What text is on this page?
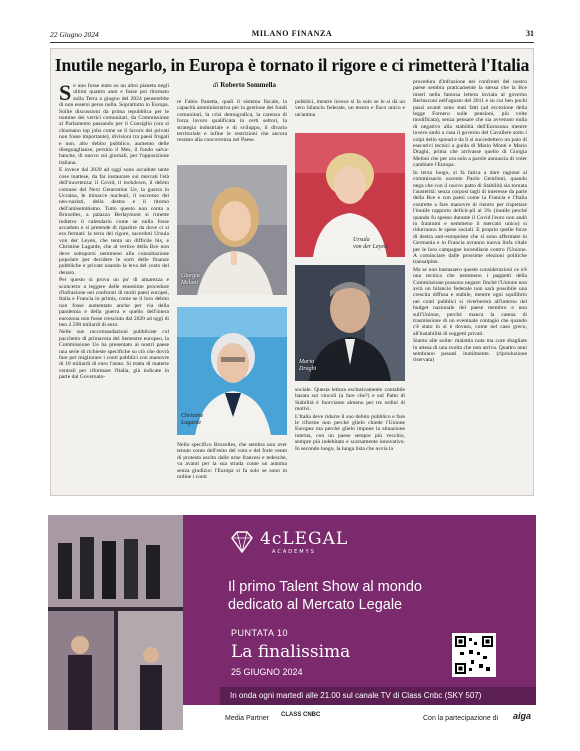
22 Giugno 2024	MILANO FINANZA	31
Inutile negarlo, in Europa è tornato il rigore e ci rimetterà l'Italia
di Roberto Sommella

Se uno fosse stato su un altro pianeta negli ultimi quattro anni e fosse poi ritornato sulla Terra a giugno del 2024 penserebbe di non essersi perso nulla. Soprattutto in Europa. Solite discussioni da prima repubblica per le nomine dei vertici comunitari, da Commissione al Parlamento passando per il Consiglio (ora si chiamano top jobs come se il lavoro dei privati non fosse importante), divisioni tra paesi frugali e non, alto debito pubblico, aumento delle diseguaglianze, persino il Mes, il fondo salva-banche, di nuovo sui giornali, per l'opposizione italiana.

E invece dal 2020 ad oggi sono accadute tante cose inattese, da far instaurare sui mercati l'età dell'incertezza: il Covid, il lockdown, il debito comune del Next Generation Ue, la guerra in Ucraina, le minacce nucleari, il successo dei neo-nazisti, della destra e il ritorno dell'antisemitismo. Tutto questo non conta a Bruxelles, a palazzo Berlaymont si rimette indietro il calendario come se nulla fosse accaduto e si pretende di ripartire da dove ci si era fermati: la terra del rigore, sacerdoti Ursula von der Leyen, che tenta un difficile bis, e Christine Lagarde, che al vertice della Bce non deve sottoporsi nemmeno alla consultazione popolare per decidere le sorti delle finanze pubbliche e private usando la leva del costo del denaro.

Per questo si prova un po' di amarezza e sconcerto a leggere delle ennesime procedure d'infrazione nei confronti di molti paesi europei, Italia e Francia in primis, come se il loro debito non fosse aumentato anche per via della pandemia e della guerra e quello dell'intera eurozona non fosse cresciuto dal 2020 ad oggi di ben 2.598 miliardi di euro.

Nelle sue raccomandazioni pubblicate col pacchetto di primavera del Semestre europeo, la Commissione Ue ha presentato ai nostri paese una serie di richieste specifiche su ciò che dovrà fare per migliorare i conti pubblici con manovre di 10 miliardi di euro l'anno. Si tratta di materie centrali per riformare l'Italia, già indicate in parte dal Governato-

re Fabio Panetta, quali il sistema fiscale, la capacità amministrativa per la gestione dei fondi comunitari, la crisi demografica, la carenza di forza lavoro qualificata in certi settori, la strategia industriale e di sviluppo, il divario territoriale e infine le restrizioni che ancora restano alla concorrenza nel Paese.

Giorgia
Meloni
Christine
Lagarde

Nello specifico Bruxelles, che sembra non aver tenuto conto dell'esito del voto e del forte vento di protesta uscito dalle urne francesi e tedesche, va avanti per la sua strada come un automa senza giudizio: l'Europa si fa solo se sono in ordine i conti

pubblici, mentre invece si fa solo se le si dà un vero bilancio federale, un tesoro e fisco unico e un'anima

Ursula
von der Leyen
Mario
Draghi

sociale. Questa lettura esclusivamente contabile basata sui vincoli (a fare che?) e sul Patto di Stabilità è fuorviante almeno per tre ordini di motivi.

L'Italia deve ridurre il suo debito pubblico e fare le riforme non perché glielo chiede l'Unione Europea ma perché glielo impone la situazione interna, con un paese sempre più vecchio, sempre più indebitato e scarsamente innovativo. In secondo luogo, la lunga lista che avvia la

procedura d'infrazione nei confronti del nostro paese sembra praticamente la stessa che la Bce inserì nella famosa lettera inviata al governo Berlusconi nell'agosto del 2011 e su cui ben pochi passi avanti sono stati fatti (ad eccezione della legge Fornero sulle pensioni, più volte modificata), senza pensare che sia avvenuto nulla di negativo alla stabilità dell'Eurozona mentre invece andò a casa il governo del Cavaliere sotto i colpi dello spread e da lì si succedettero un paio di esecutivi tecnici a guida di Mario Monti e Mario Draghi, prima che arrivasse quello di Giorgia Meloni che per ora solo a parole annuncia di voler cambiare l'Europa.

In terzo luogo, si fa fatica a dare ragione al commissario uscente Paolo Gentiloni, quando nega che con il nuovo patto di Stabilità sia tornata l'austerità: senza corposi tagli di interesse da parte della Bce e con paesi come la Francia e l'Italia costrette a fare manovre di rientro per rispettare l'inutile rapporto deficit-pil al 3% (inutile perché quando fu spesso durante il Covid l'euro non andò in frantumi e nemmeno il mercato unico) si ridurranno le spese sociali. E proprio quelle forze di destra anti-europeiste che si sono affermate in Germania e in Francia avranno nuova linfa vitale per le loro campagne incendiarie contro l'Unione. A cominciare dalle prossime elezioni politiche transalpine.

Ma se non bastassero queste considerazioni ce n'è una tecnica che nemmeno i pappetti della Commissione possono negare: finché l'Unione non avrà un bilancio federale non sarà possibile una crescita diffusa e stabile, mentre ogni squilibrio nei conti pubblici si riverbererà all'interno del budget nazionale del paese membro e non sull'Unione, perché manca la catena di trasmissione di un eventuale contagio che quando c'è stato lo si è dovuto, come nel caso greco, all'instabilità di soggetti privati.

Siamo alle solite: malattia nota ma cure sbagliate in attesa di una svolta che non arriva. Quattro anni sembrano passati inutilmente. (riproduzione riservata)

4cLEGAL
ACADEMYS
Il primo Talent Show al mondo
dedicato al Mercato Legale
PUNTATA 10
La finalissima
25 GIUGNO 2024
In onda ogni martedì alle 21.00 sul canale TV di Class Cnbc (SKY 507)
Media Partner CLASS CNBC	Con la partecipazione di aiga
